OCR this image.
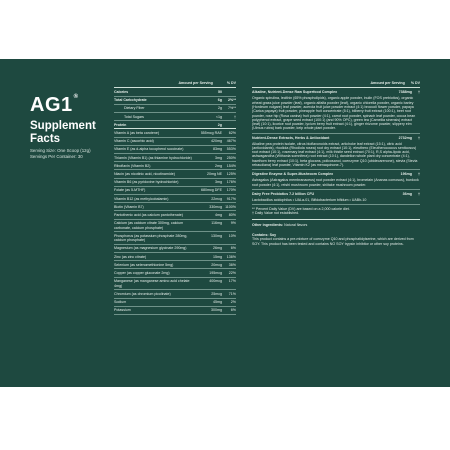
AG1®
Supplement Facts
Serving Size: One Scoop (12g)
Servings Per Container: 30
Amount per Serving	% DV
Calories	50
Total Carbohydrate	6g	2%**
Dietary Fiber	2g	7%**
Total Sugars	<1g	†
Protein	2g
Vitamin A (as beta carotene)	555mcg RAE	62%
Vitamin C (ascorbic acid)	420mg	467%
Vitamin E (as d-alpha tocopherol succinate)	83mg	553%
Thiamin (Vitamin B1) (as thiamine hydrochloride)	3mg	250%
Riboflavin (Vitamin B2)	2mg	154%
Niacin (as nicotinic acid, nicotinamide)	20mg NE	125%
Vitamin B6 (as pyridoxine hydrochloride)	3mg	176%
Folate (as 5-MTHF)	680mcg DFE	170%
Vitamin B12 (as methylcobalamin)	22mcg	917%
Biotin (Vitamin B7)	330mcg 1100%
Pantothenic acid (as calcium pantothenate)	4mg	80%
Calcium (as calcium citrate 300mg, calcium carbonate, calcium phosphate)
116mg	9%
Phosphorus (as potassium phosphate 280mg, calcium phosphate)
130mg	10%
Magnesium (as magnesium glycinate 290mg)	26mg	6%
Zinc (as zinc citrate)	15mg	136%
Selenium (as selenomethionine 5mg)	20mcg	36%
Copper (as copper gluconate 2mg)	195mcg	22%
Manganese (as manganese amino acid chelate 4mg)
400mcg	17%
Chromium (as chromium picolinate)	25mcg	71%
Sodium	45mg	2%
Potassium	300mg	6%
Amount per Serving % DV
Alkaline, Nutrient-Dense Raw Superfood Complex	7388mg	†
Organic spirulina, lecithin (65% phospholipids), organic apple powder, inulin (FOS prebiotics), organic wheat grass juice powder (leaf), organic alfalfa powder (leaf), organic chlorella powder, organic barley (Hordeum vulgare) leaf powder, acerola fruit juice powder extract (4:1) broccoli flower powder, papaya (Carica papaya) fruit powder, pineapple fruit concentrate (5:1), bilberry fruit extract (100:1), beet root powder, rose hip (Rosa canina) fruit powder (4:1), carrot root powder, spinach leaf powder, cocoa bean polyphenol extract, grape seed extract (100:1) (and 90% OPC), green tea (Camellia sinensis) extract (leaf) (10:1), licorice root powder, lycium berry fruit extract (4:1), ginger rhizome powder, slippery elm (Ulmus rubra) bark powder, kelp whole plant powder.
Nutrient-Dense Extracts, Herbs & Antioxidant	2732mg	†
Alkaline pea protein isolate, citrus bioflavonoids extract, artichoke leaf extract (15:1), citric acid (antioxidants), rhodiola (Rhodiola rosea) root dry extract (10:1), eleuthero (Eleutherococcus senticosus) root extract (10:1), rosemary leaf extract (4:1), milk thistle seed extract (70:1), R,S alpha-lipoic acid, ashwagandha (Withania somnifera) root extract (10:1), dandelion whole plant dry concentrate (4:1), hawthorn berry extract (10:1), beta glucans, policosanol, coenzyme Q10 (ubidecarenone), stevia (Stevia rebaudiana) leaf powder, Vitamin K2 (as menaquinone-7).
Digestive Enzyme & Super-Mushroom Complex	196mg	†
Astragalus (Astragalus membranaceus) root powder extract (4:1), bromelain (Ananas comosus), burdock root powder (4:1), reishi mushroom powder, shiitake mushroom powder.
Dairy Free Probiotics 7.2 billion CFU	36mg	†
Lactobacillus acidophilus • UALa-01, Bifidobacterium bifidum • UABb-10
** Percent Daily Value (DV) are based on a 2,000 calorie diet.
† Daily Value not established.
Other ingredients: Natural flavors
Contains: Soy
This product contains a pre-mixture of coenzyme Q10 and phosphatidylserine, which are derived from SOY. This product has been tested and contains NO SOY trypsin inhibitor or other soy proteins.
